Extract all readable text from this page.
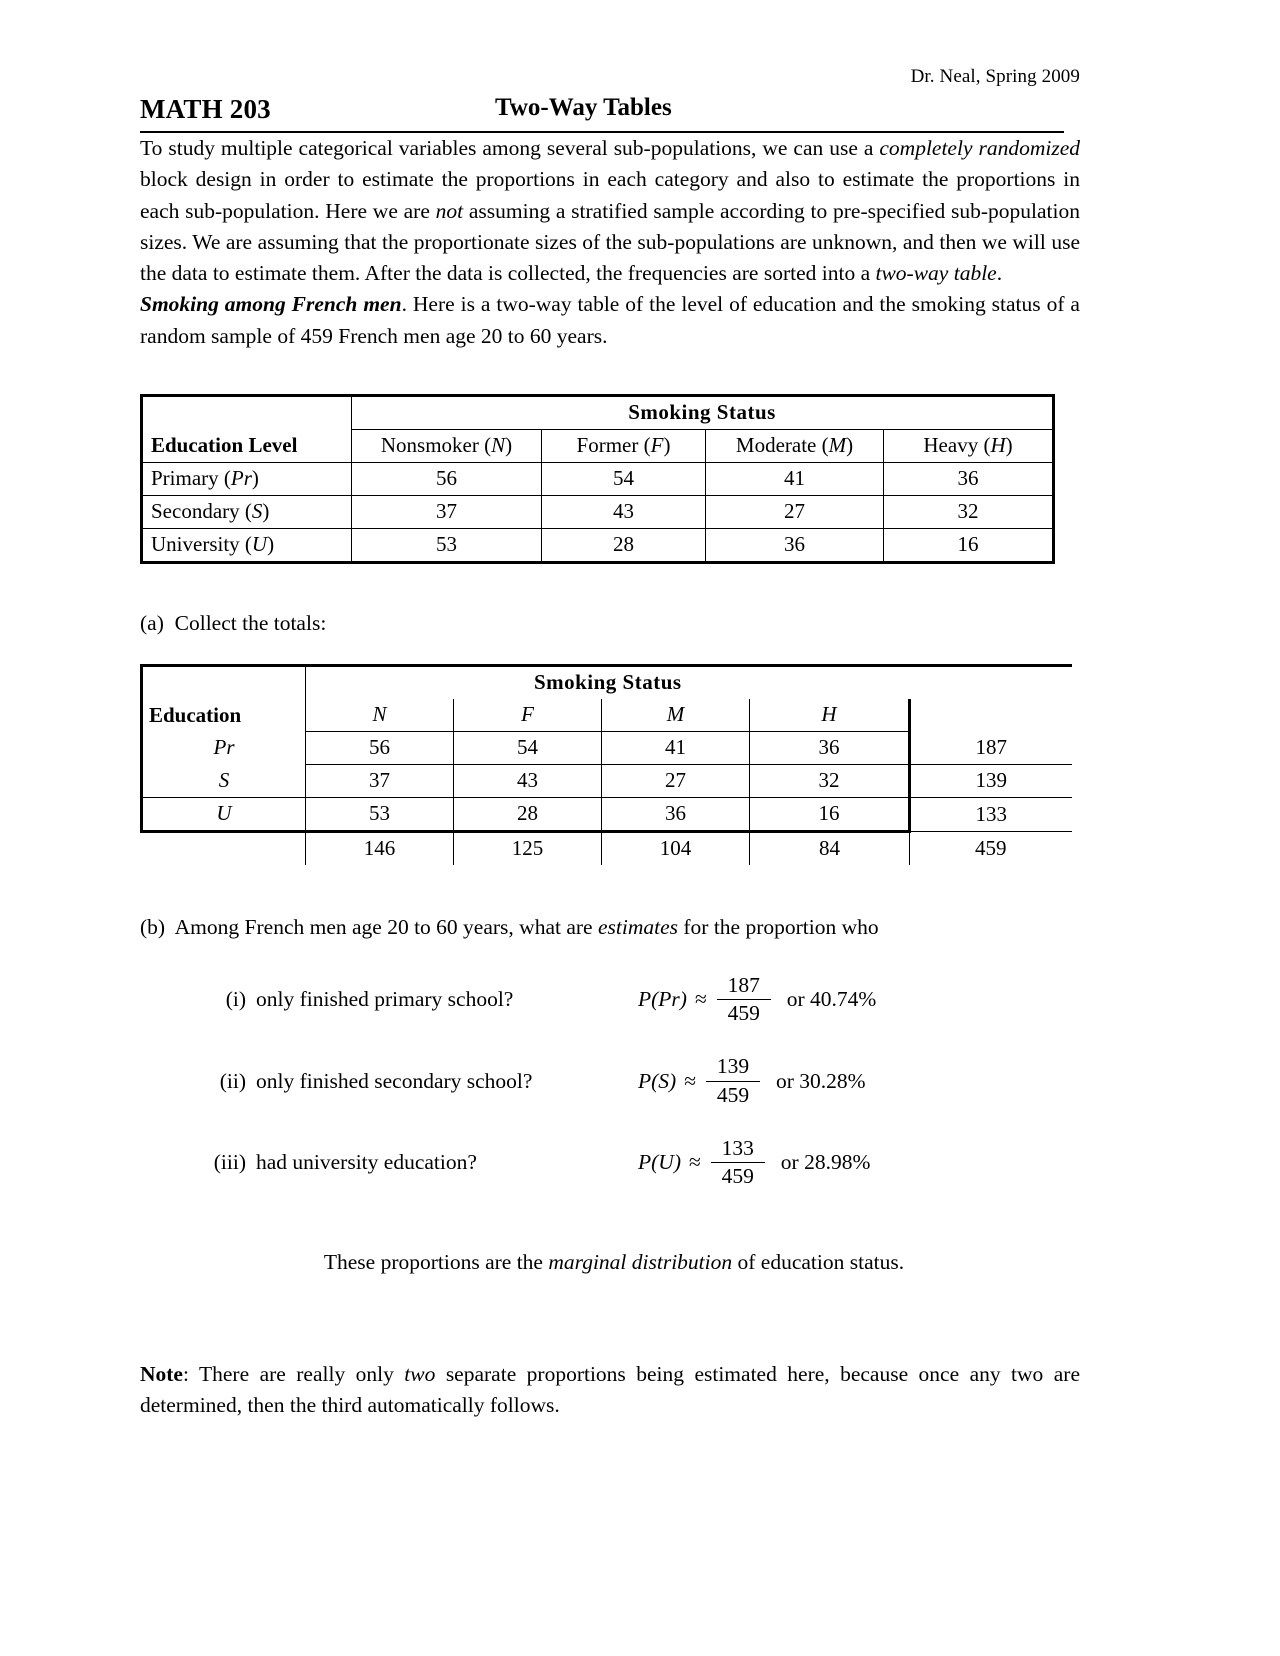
Dr. Neal, Spring 2009
MATH 203	Two-Way Tables

To study multiple categorical variables among several sub-populations, we can use a completely randomized block design in order to estimate the proportions in each category and also to estimate the proportions in each sub-population. Here we are not assuming a stratified sample according to pre-specified sub-population sizes. We are assuming that the proportionate sizes of the sub-populations are unknown, and then we will use the data to estimate them. After the data is collected, the frequencies are sorted into a two-way table.

Smoking among French men. Here is a two-way table of the level of education and the smoking status of a random sample of 459 French men age 20 to 60 years.

	Smoking Status			
Education Level	Nonsmoker (N)	Former (F)	Moderate (M)	Heavy (H)
Primary (Pr)	56	54	41	36
Secondary (S)	37	43	27	32
University (U)	53	28	36	16
(a) Collect the totals:
	Smoking Status				
Education	N	F	M	H	
Pr	56	54	41	36	187
S	37	43	27	32	139
U	53	28	36	16	133
	146	125	104	84	459
(b) Among French men age 20 to 60 years, what are estimates for the proportion who
(i) only finished primary school?	$P(Pr) \approx \frac{187}{459}$ or 40.74%
(ii) only finished secondary school?	$P(S) \approx \frac{139}{459}$ or 30.28%
(iii) had university education?	$P(U) \approx \frac{133}{459}$ or 28.98%
These proportions are the marginal distribution of education status.
Note: There are really only two separate proportions being estimated here, because once any two are determined, then the third automatically follows.
